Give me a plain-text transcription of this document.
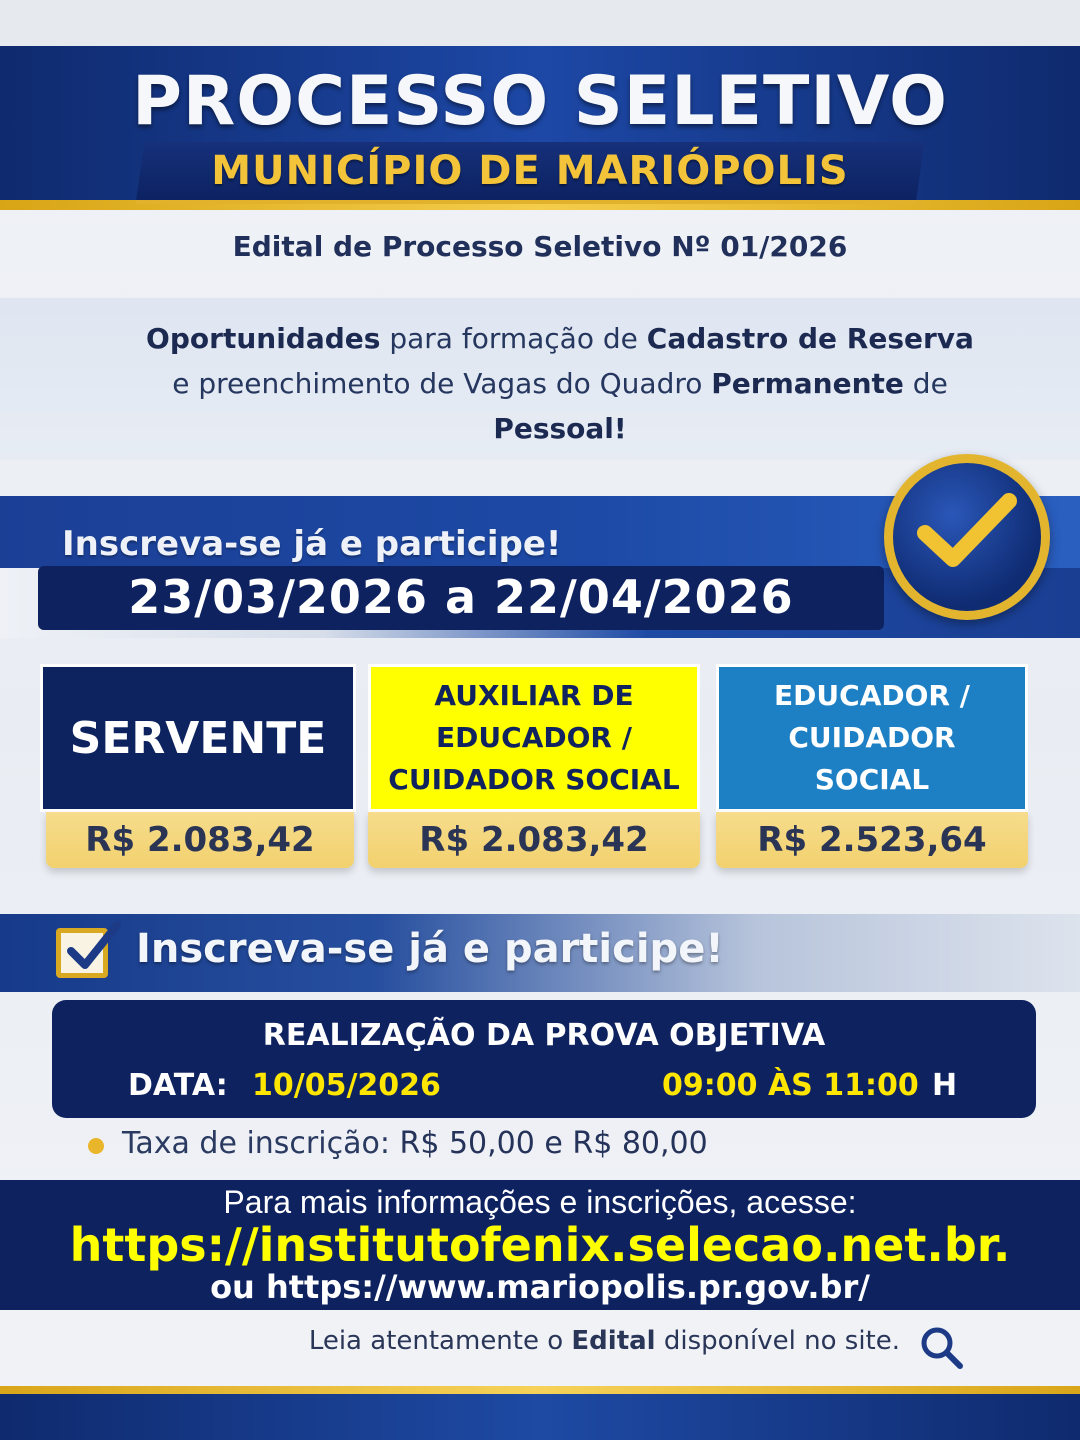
PROCESSO SELETIVO
MUNICÍPIO DE MARIÓPOLIS
Edital de Processo Seletivo Nº 01/2026
Oportunidades para formação de Cadastro de Reserva
e preenchimento de Vagas do Quadro Permanente de
Pessoal!
Inscreva-se já e participe!
23/03/2026 a 22/04/2026
SERVENTE
R$ 2.083,42
AUXILIAR DE EDUCADOR / CUIDADOR SOCIAL
R$ 2.083,42
EDUCADOR / CUIDADOR SOCIAL
R$ 2.523,64
Inscreva-se já e participe!
REALIZAÇÃO DA PROVA OBJETIVA
DATA: 10/05/2026	09:00 ÀS 11:00 H
Taxa de inscrição: R$ 50,00 e R$ 80,00
Para mais informações e inscrições, acesse:
https://institutofenix.selecao.net.br.
ou https://www.mariopolis.pr.gov.br/
Leia atentamente o Edital disponível no site.
